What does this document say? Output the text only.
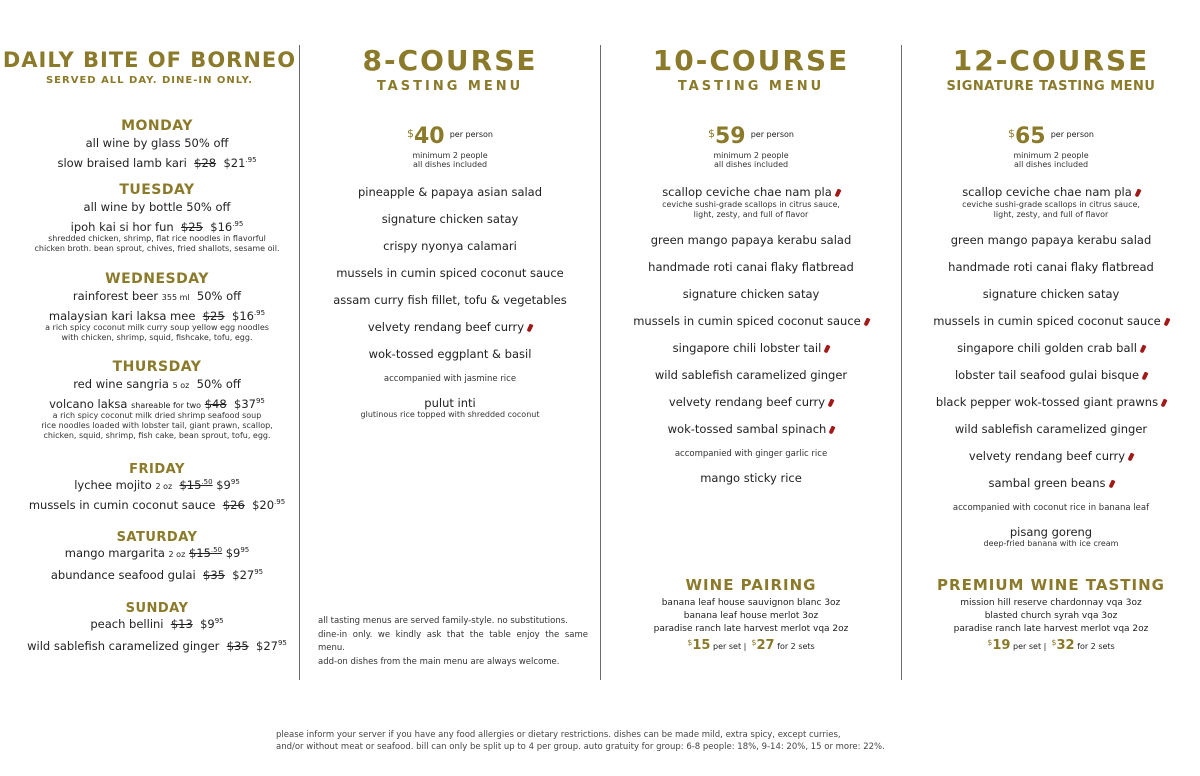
DAILY BITE OF BORNEO
SERVED ALL DAY. DINE-IN ONLY.
MONDAY
all wine by glass 50% off
slow braised lamb kari $28 $\$21^{.95}$
TUESDAY
all wine by bottle 50% off
ipoh kai si hor fun $25 $\$16^{.95}$
shredded chicken, shrimp, flat rice noodles in flavorful
chicken broth. bean sprout, chives, fried shallots, sesame oil.
WEDNESDAY
rainforest beer 355 ml 50% off
malaysian kari laksa mee $25 $\$16^{.95}$
a rich spicy coconut milk curry soup yellow egg noodles
with chicken, shrimp, squid, fishcake, tofu, egg.
THURSDAY
red wine sangria 5 oz 50% off
volcano laksa shareable for two $48 $\$37^{95}$
a rich spicy coconut milk dried shrimp seafood soup
rice noodles loaded with lobster tail, giant prawn, scallop,
chicken, squid, shrimp, fish cake, bean sprout, tofu, egg.
FRIDAY
lychee mojito 2 oz $\$15^{.50}$ $\$9^{95}$
mussels in cumin coconut sauce $26 $\$20^{.95}$
SATURDAY
mango margarita 2 oz $\$15^{.50}$ $\$9^{95}$
abundance seafood gulai $35 $\$27^{95}$
SUNDAY
peach bellini $13 $\$9^{95}$
wild sablefish caramelized ginger $35 $\$27^{95}$
8-COURSE
TASTING MENU
$40 per person
minimum 2 people
all dishes included
pineapple & papaya asian salad
signature chicken satay
crispy nyonya calamari
mussels in cumin spiced coconut sauce
assam curry fish fillet, tofu & vegetables
velvety rendang beef curry
wok-tossed eggplant & basil
accompanied with jasmine rice
pulut inti
glutinous rice topped with shredded coconut
all tasting menus are served family-style. no substitutions.
dine-in only. we kindly ask that the table enjoy the same menu.
add-on dishes from the main menu are always welcome.
10-COURSE
TASTING MENU
$59 per person
minimum 2 people
all dishes included
scallop ceviche chae nam pla
ceviche sushi-grade scallops in citrus sauce,
light, zesty, and full of flavor
green mango papaya kerabu salad
handmade roti canai flaky flatbread
signature chicken satay
mussels in cumin spiced coconut sauce
singapore chili lobster tail
wild sablefish caramelized ginger
velvety rendang beef curry
wok-tossed sambal spinach
accompanied with ginger garlic rice
mango sticky rice
WINE PAIRING
banana leaf house sauvignon blanc 3oz
banana leaf house merlot 3oz
paradise ranch late harvest merlot vqa 2oz
$15 per set |  $27 for 2 sets
12-COURSE
SIGNATURE TASTING MENU
$65 per person
minimum 2 people
all dishes included
scallop ceviche chae nam pla
ceviche sushi-grade scallops in citrus sauce,
light, zesty, and full of flavor
green mango papaya kerabu salad
handmade roti canai flaky flatbread
signature chicken satay
mussels in cumin spiced coconut sauce
singapore chili golden crab ball
lobster tail seafood gulai bisque
black pepper wok-tossed giant prawns
wild sablefish caramelized ginger
velvety rendang beef curry
sambal green beans
accompanied with coconut rice in banana leaf
pisang goreng
deep-fried banana with ice cream
PREMIUM WINE TASTING
mission hill reserve chardonnay vqa 3oz
blasted church syrah vqa 3oz
paradise ranch late harvest merlot vqa 2oz
$19 per set |  $32 for 2 sets
please inform your server if you have any food allergies or dietary restrictions. dishes can be made mild, extra spicy, except curries,
and/or without meat or seafood. bill can only be split up to 4 per group. auto gratuity for group: 6-8 people: 18%, 9-14: 20%, 15 or more: 22%.
